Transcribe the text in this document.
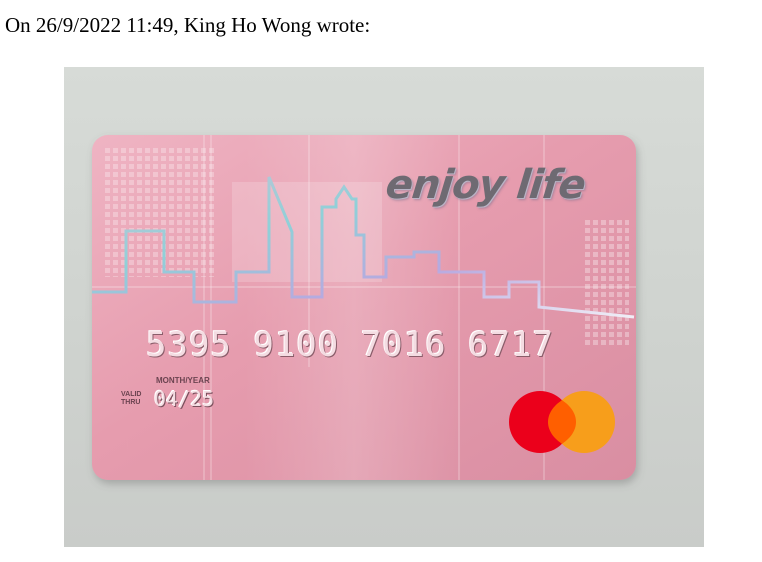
On 26/9/2022 11:49, King Ho Wong wrote:
enjoy life
5395 9100 7016 6717
MONTH/YEAR
VALID THRU 04/25
